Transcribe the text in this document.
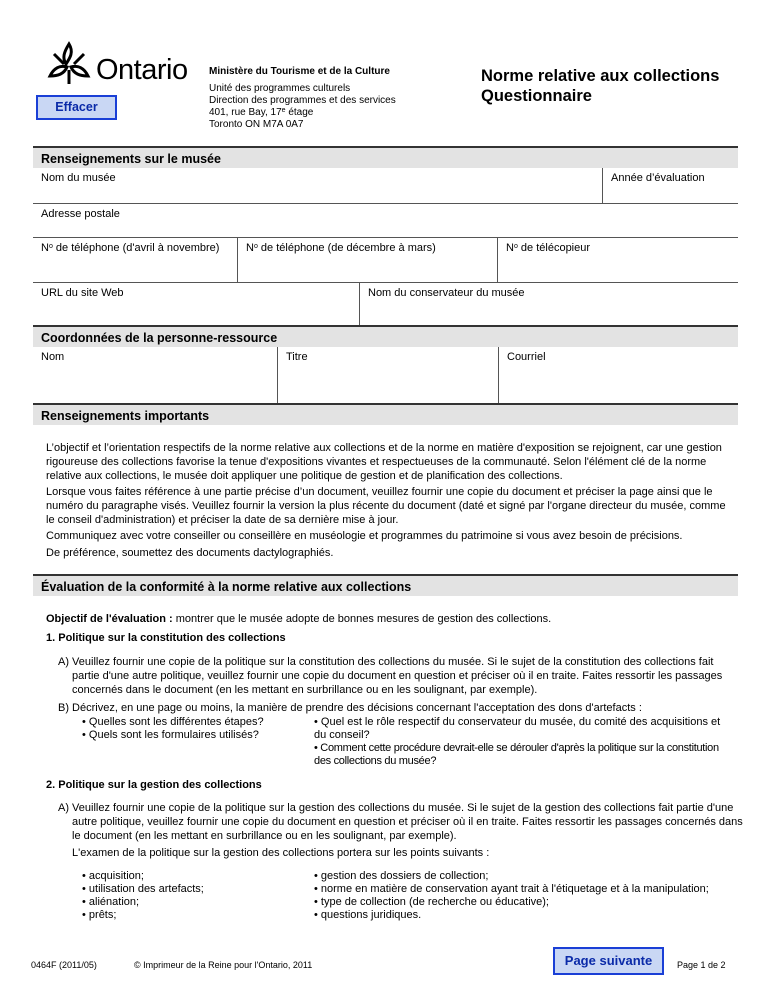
Ontario
Effacer
Ministère du Tourisme et de la Culture
Unité des programmes culturels
Direction des programmes et des services
401, rue Bay, 17e étage
Toronto ON M7A 0A7
Norme relative aux collections
Questionnaire
Renseignements sur le musée
Nom du musée	Année d’évaluation
Adresse postale
$N^o$ de téléphone (d'avril à novembre)	$N^o$ de téléphone (de décembre à mars)	$N^o$ de télécopieur
URL du site Web	Nom du conservateur du musée
Coordonnées de la personne-ressource
Nom	Titre	Courriel
Renseignements importants
L’objectif et l’orientation respectifs de la norme relative aux collections et de la norme en matière d'exposition se rejoignent, car une gestion rigoureuse des collections favorise la tenue d'expositions vivantes et respectueuses de la communauté. Selon l'élément clé de la norme relative aux collections, le musée doit appliquer une politique de gestion et de planification des collections.
Lorsque vous faites référence à une partie précise d’un document, veuillez fournir une copie du document et préciser la page ainsi que le numéro du paragraphe visés. Veuillez fournir la version la plus récente du document (daté et signé par l'organe directeur du musée, comme le conseil d'administration) et préciser la date de sa dernière mise à jour.
Communiquez avec votre conseiller ou conseillère en muséologie et programmes du patrimoine si vous avez besoin de précisions.
De préférence, soumettez des documents dactylographiés.
Évaluation de la conformité à la norme relative aux collections
Objectif de l'évaluation : montrer que le musée adopte de bonnes mesures de gestion des collections.
1. Politique sur la constitution des collections
A) Veuillez fournir une copie de la politique sur la constitution des collections du musée. Si le sujet de la constitution des collections fait partie d'une autre politique, veuillez fournir une copie du document en question et préciser où il en traite. Faites ressortir les passages concernés dans le document (en les mettant en surbrillance ou en les soulignant, par exemple).
B) Décrivez, en une page ou moins, la manière de prendre des décisions concernant l'acceptation des dons d'artefacts :
• Quelles sont les différentes étapes?
• Quels sont les formulaires utilisés?
• Quel est le rôle respectif du conservateur du musée, du comité des acquisitions et du conseil?
• Comment cette procédure devrait-elle se dérouler d'après la politique sur la constitution des collections du musée?
2. Politique sur la gestion des collections
A) Veuillez fournir une copie de la politique sur la gestion des collections du musée. Si le sujet de la gestion des collections fait partie d'une autre politique, veuillez fournir une copie du document en question et préciser où il en traite. Faites ressortir les passages concernés dans le document (en les mettant en surbrillance ou en les soulignant, par exemple).
L'examen de la politique sur la gestion des collections portera sur les points suivants :
• acquisition;
• utilisation des artefacts;
• aliénation;
• prêts;
• gestion des dossiers de collection;
• norme en matière de conservation ayant trait à l'étiquetage et à la manipulation;
• type de collection (de recherche ou éducative);
• questions juridiques.
0464F (2011/05)	© Imprimeur de la Reine pour l'Ontario, 2011	Page suivante	Page 1 de 2
